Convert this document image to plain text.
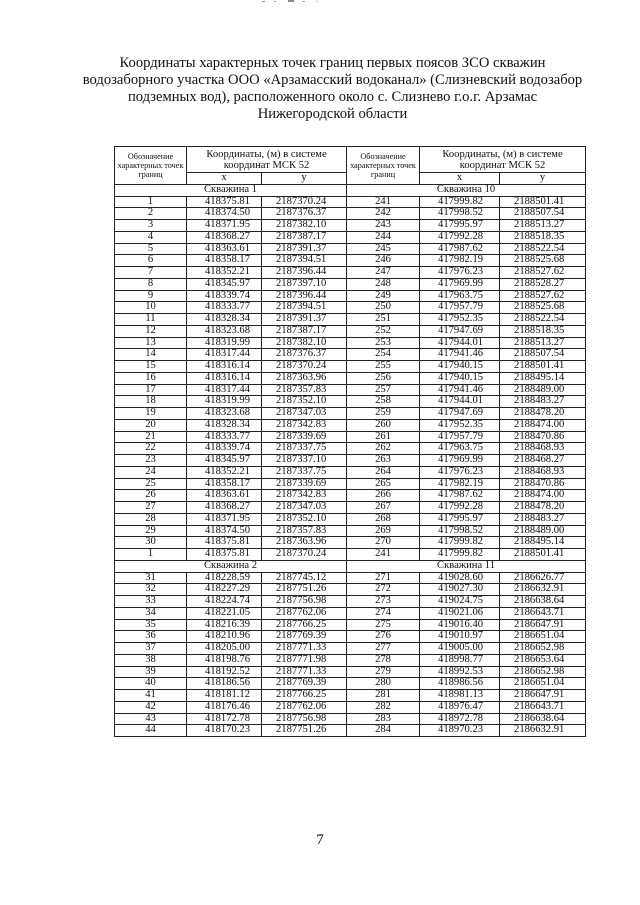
Координаты характерных точек границ первых поясов ЗСО скважин
водозаборного участка ООО «Арзамасский водоканал» (Слизневский водозабор
подземных вод), расположенного около с. Слизнево г.о.г. Арзамас
Нижегородской области
Обозначение характерных точек границ	Координаты, (м) в системе координат МСК 52		Обозначение характерных точек границ	Координаты, (м) в системе координат МСК 52	
	x	y		x	y
Скважина 1			Скважина 10		
1	418375.81	2187370.24	241	417999.82	2188501.41
2	418374.50	2187376.37	242	417998.52	2188507.54
3	418371.95	2187382.10	243	417995.97	2188513.27
4	418368.27	2187387.17	244	417992.28	2188518.35
5	418363.61	2187391.37	245	417987.62	2188522.54
6	418358.17	2187394.51	246	417982.19	2188525.68
7	418352.21	2187396.44	247	417976.23	2188527.62
8	418345.97	2187397.10	248	417969.99	2188528.27
9	418339.74	2187396.44	249	417963.75	2188527.62
10	418333.77	2187394.51	250	417957.79	2188525.68
11	418328.34	2187391.37	251	417952.35	2188522.54
12	418323.68	2187387.17	252	417947.69	2188518.35
13	418319.99	2187382.10	253	417944.01	2188513.27
14	418317.44	2187376.37	254	417941.46	2188507.54
15	418316.14	2187370.24	255	417940.15	2188501.41
16	418316.14	2187363.96	256	417940.15	2188495.14
17	418317.44	2187357.83	257	417941.46	2188489.00
18	418319.99	2187352.10	258	417944.01	2188483.27
19	418323.68	2187347.03	259	417947.69	2188478.20
20	418328.34	2187342.83	260	417952.35	2188474.00
21	418333.77	2187339.69	261	417957.79	2188470.86
22	418339.74	2187337.75	262	417963.75	2188468.93
23	418345.97	2187337.10	263	417969.99	2188468.27
24	418352.21	2187337.75	264	417976.23	2188468.93
25	418358.17	2187339.69	265	417982.19	2188470.86
26	418363.61	2187342.83	266	417987.62	2188474.00
27	418368.27	2187347.03	267	417992.28	2188478.20
28	418371.95	2187352.10	268	417995.97	2188483.27
29	418374.50	2187357.83	269	417998.52	2188489.00
30	418375.81	2187363.96	270	417999.82	2188495.14
1	418375.81	2187370.24	241	417999.82	2188501.41
Скважина 2			Скважина 11		
31	418228.59	2187745.12	271	419028.60	2186626.77
32	418227.29	2187751.26	272	419027.30	2186632.91
33	418224.74	2187756.98	273	419024.75	2186638.64
34	418221.05	2187762.06	274	419021.06	2186643.71
35	418216.39	2187766.25	275	419016.40	2186647.91
36	418210.96	2187769.39	276	419010.97	2186651.04
37	418205.00	2187771.33	277	419005.00	2186652.98
38	418198.76	2187771.98	278	418998.77	2186653.64
39	418192.52	2187771.33	279	418992.53	2186652.98
40	418186.56	2187769.39	280	418986.56	2186651.04
41	418181.12	2187766.25	281	418981.13	2186647.91
42	418176.46	2187762.06	282	418976.47	2186643.71
43	418172.78	2187756.98	283	418972.78	2186638.64
44	418170.23	2187751.26	284	418970.23	2186632.91
7
